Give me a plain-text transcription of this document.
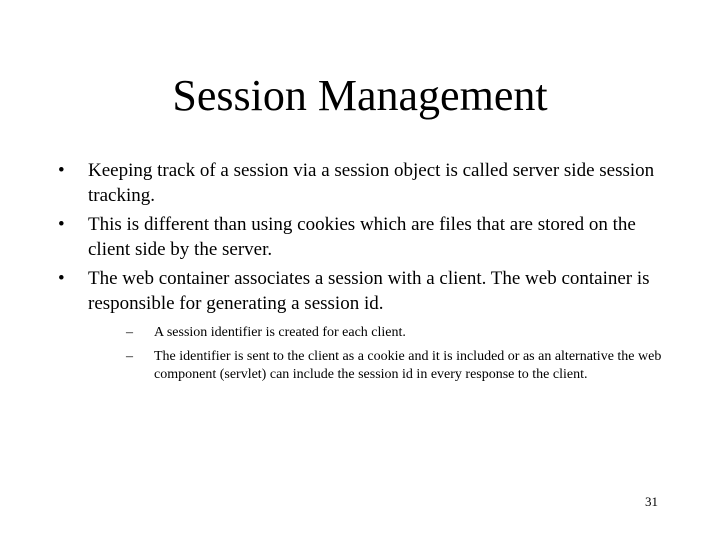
Session Management
• Keeping track of a session via a session object is called server side session tracking.
• This is different than using cookies which are files that are stored on the client side by the server.
• The web container associates a session with a client. The web container is responsible for generating a session id.
– A session identifier is created for each client.
– The identifier is sent to the client as a cookie and it is included or as an alternative the web component (servlet) can include the session id in every response to the client.
31
